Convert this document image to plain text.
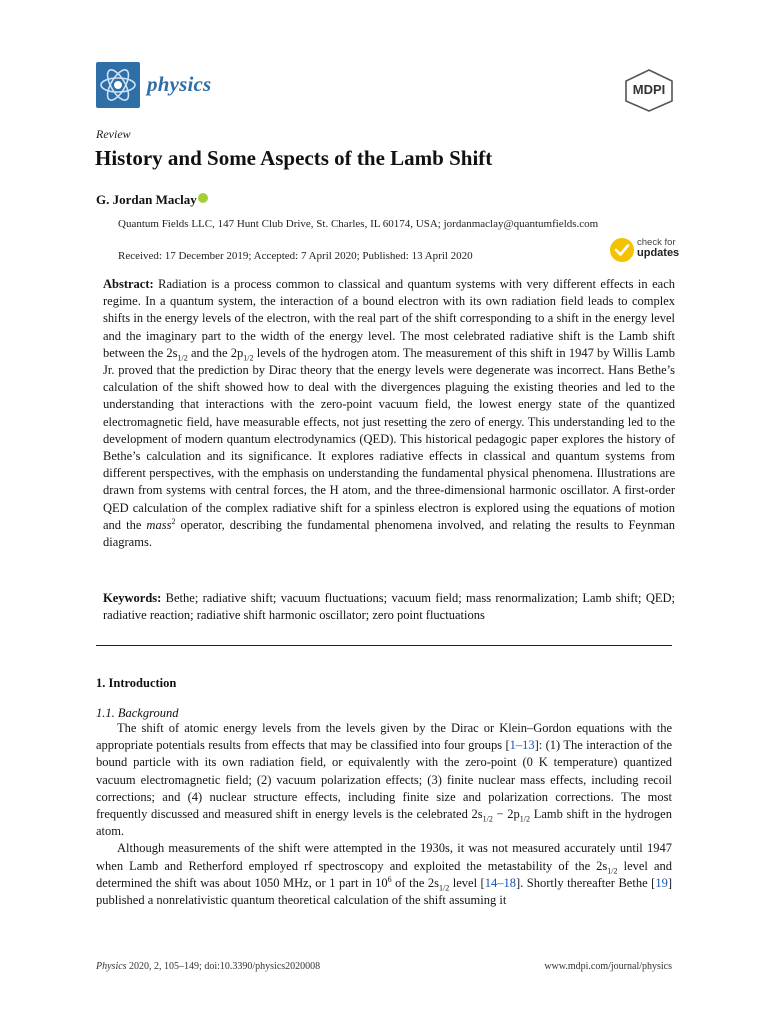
physics	MDPI
Review
History and Some Aspects of the Lamb Shift
G. Jordan Maclay
Quantum Fields LLC, 147 Hunt Club Drive, St. Charles, IL 60174, USA; jordanmaclay@quantumfields.com
Received: 17 December 2019; Accepted: 7 April 2020; Published: 13 April 2020
check for
updates
Abstract: Radiation is a process common to classical and quantum systems with very different effects in each regime. In a quantum system, the interaction of a bound electron with its own radiation field leads to complex shifts in the energy levels of the electron, with the real part of the shift corresponding to a shift in the energy level and the imaginary part to the width of the energy level. The most celebrated radiative shift is the Lamb shift between the $2s_{1/2}$ and the $2p_{1/2}$ levels of the hydrogen atom. The measurement of this shift in 1947 by Willis Lamb Jr. proved that the prediction by Dirac theory that the energy levels were degenerate was incorrect. Hans Bethe’s calculation of the shift showed how to deal with the divergences plaguing the existing theories and led to the understanding that interactions with the zero-point vacuum field, the lowest energy state of the quantized electromagnetic field, have measurable effects, not just resetting the zero of energy. This understanding led to the development of modern quantum electrodynamics (QED). This historical pedagogic paper explores the history of Bethe’s calculation and its significance. It explores radiative effects in classical and quantum systems from different perspectives, with the emphasis on understanding the fundamental physical phenomena. Illustrations are drawn from systems with central forces, the H atom, and the three-dimensional harmonic oscillator. A first-order QED calculation of the complex radiative shift for a spinless electron is explored using the equations of motion and the mass$^2$ operator, describing the fundamental phenomena involved, and relating the results to Feynman diagrams.
Keywords: Bethe; radiative shift; vacuum fluctuations; vacuum field; mass renormalization; Lamb shift; QED; radiative reaction; radiative shift harmonic oscillator; zero point fluctuations
1. Introduction
1.1. Background

The shift of atomic energy levels from the levels given by the Dirac or Klein–Gordon equations with the appropriate potentials results from effects that may be classified into four groups [1–13]: (1) The interaction of the bound particle with its own radiation field, or equivalently with the zero-point (0 K temperature) quantized vacuum electromagnetic field; (2) vacuum polarization effects; (3) finite nuclear mass effects, including recoil corrections; and (4) nuclear structure effects, including finite size and polarization corrections. The most frequently discussed and measured shift in energy levels is the celebrated $2s_{1/2} - 2p_{1/2}$ Lamb shift in the hydrogen atom.

Although measurements of the shift were attempted in the 1930s, it was not measured accurately until 1947 when Lamb and Retherford employed rf spectroscopy and exploited the metastability of the $2s_{1/2}$ level and determined the shift was about 1050 MHz, or 1 part in $10^6$ of the $2s_{1/2}$ level [14–18]. Shortly thereafter Bethe [19] published a nonrelativistic quantum theoretical calculation of the shift assuming it

Physics 2020, 2, 105–149; doi:10.3390/physics2020008	www.mdpi.com/journal/physics
